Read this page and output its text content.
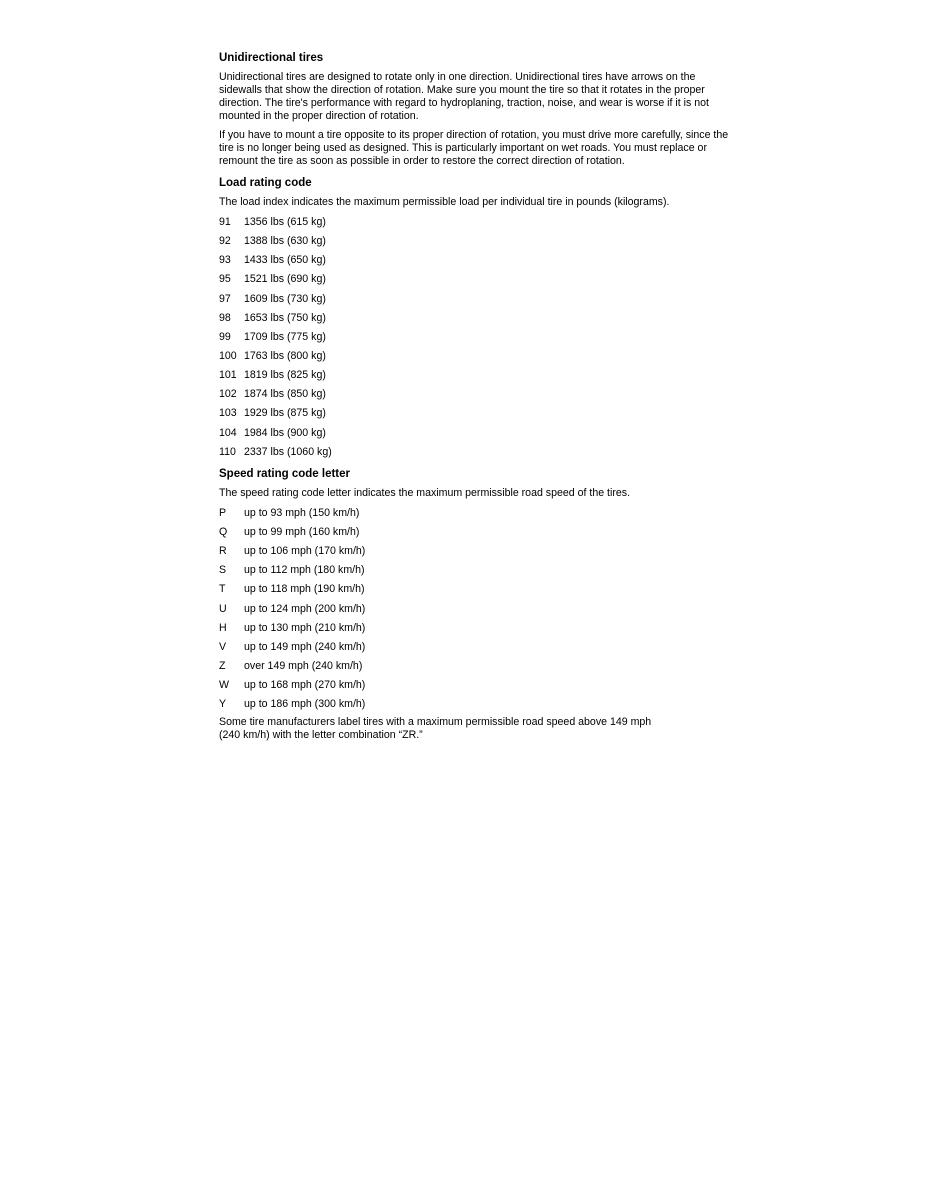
Unidirectional tires

Unidirectional tires are designed to rotate only in one direction. Unidirectional tires have arrows on the sidewalls that show the direction of rotation. Make sure you mount the tire so that it rotates in the proper direction. The tire's performance with regard to hydroplaning, traction, noise, and wear is worse if it is not mounted in the proper direction of rotation.

If you have to mount a tire opposite to its proper direction of rotation, you must drive more carefully, since the tire is no longer being used as designed. This is particularly important on wet roads. You must replace or remount the tire as soon as possible in order to restore the correct direction of rotation.

Load rating code

The load index indicates the maximum permissible load per individual tire in pounds (kilograms).

91	1356 lbs (615 kg)
92	1388 lbs (630 kg)
93	1433 lbs (650 kg)
95	1521 lbs (690 kg)
97	1609 lbs (730 kg)
98	1653 lbs (750 kg)
99	1709 lbs (775 kg)
100 1763 lbs (800 kg)
101 1819 lbs (825 kg)
102 1874 lbs (850 kg)
103 1929 lbs (875 kg)
104 1984 lbs (900 kg)
110 2337 lbs (1060 kg)
Speed rating code letter

The speed rating code letter indicates the maximum permissible road speed of the tires.

P	up to 93 mph (150 km/h)
Q	up to 99 mph (160 km/h)
R	up to 106 mph (170 km/h)
S	up to 112 mph (180 km/h)
T	up to 118 mph (190 km/h)
U	up to 124 mph (200 km/h)
H	up to 130 mph (210 km/h)
V	up to 149 mph (240 km/h)
Z	over 149 mph (240 km/h)
W	up to 168 mph (270 km/h)
Y	up to 186 mph (300 km/h)
Some tire manufacturers label tires with a maximum permissible road speed above 149 mph
(240 km/h) with the letter combination “ZR.”
